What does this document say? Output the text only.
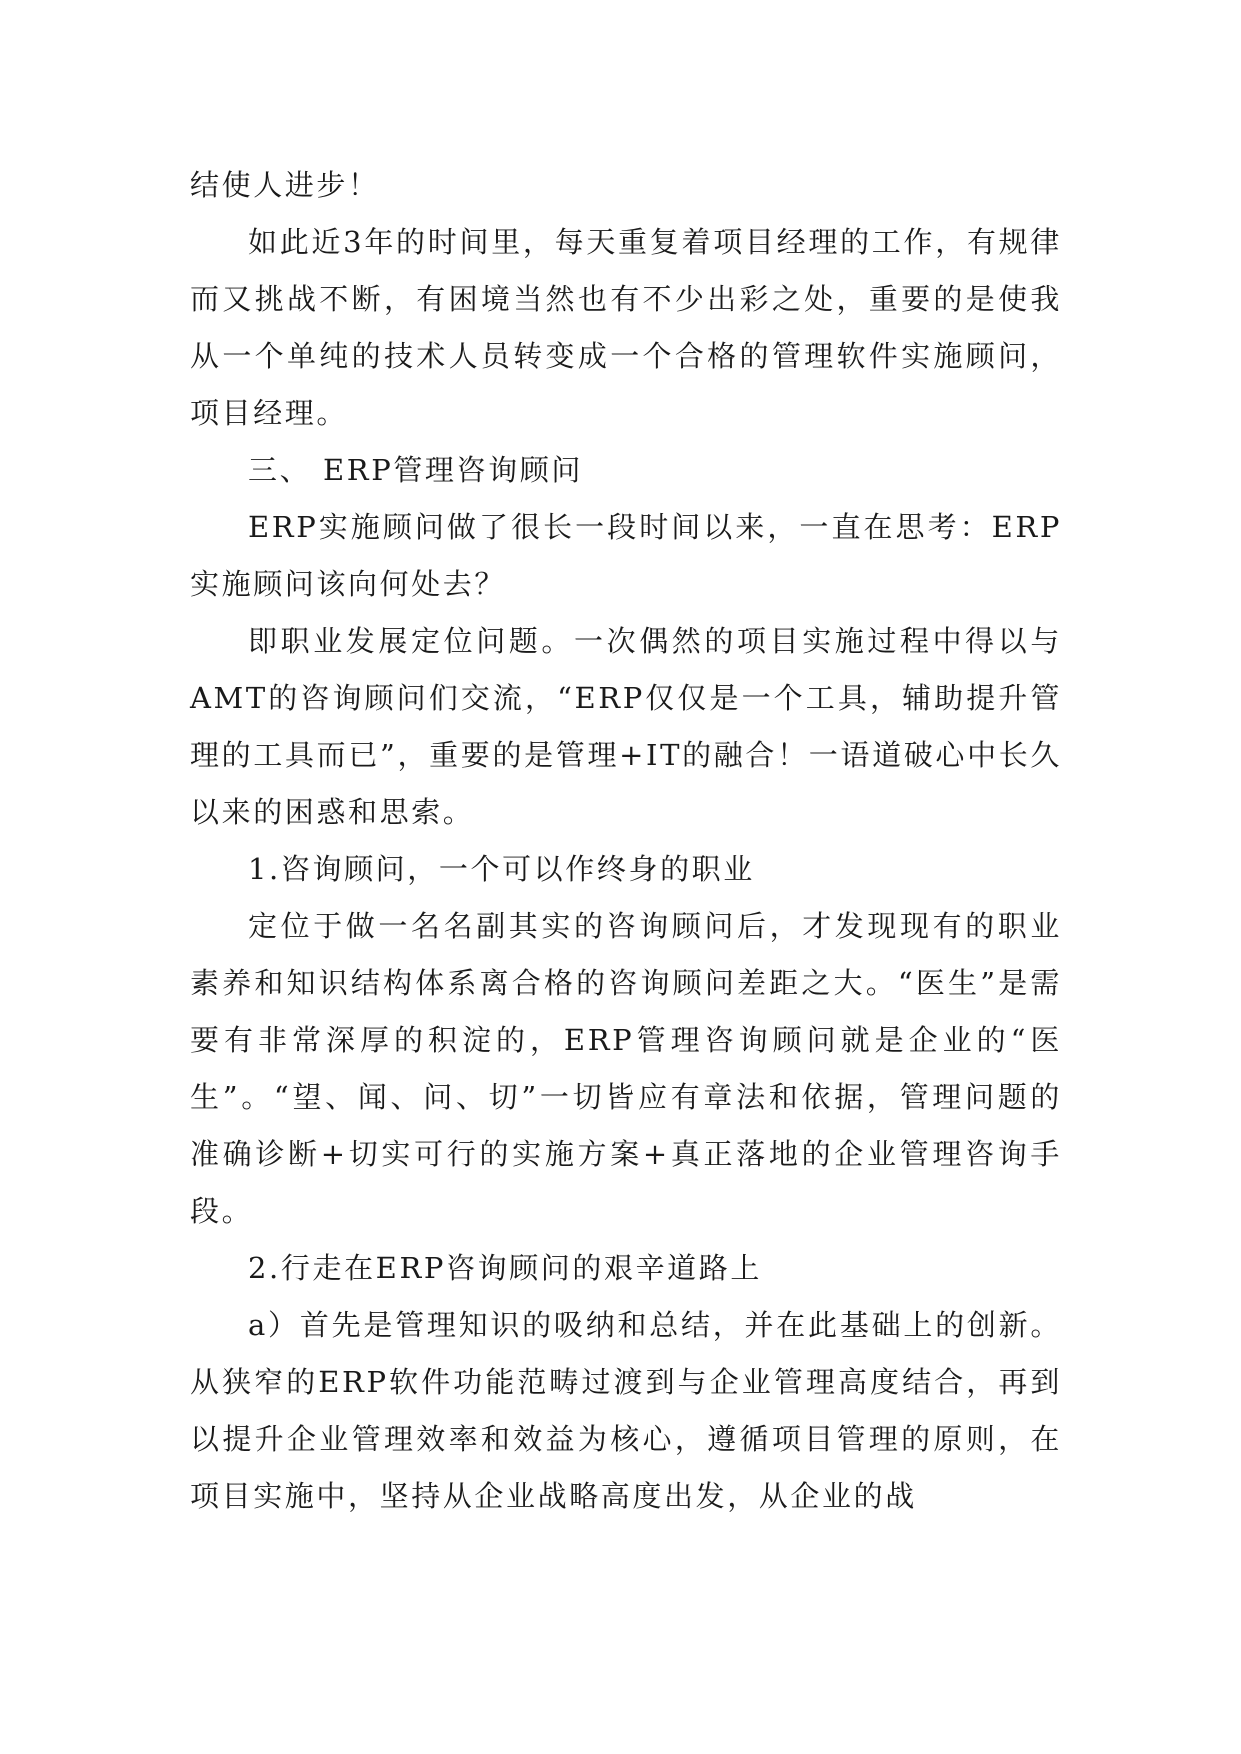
结使人进步！

如此近3年的时间里，每天重复着项目经理的工作，有规律而又挑战不断，有困境当然也有不少出彩之处，重要的是使我从一个单纯的技术人员转变成一个合格的管理软件实施顾问，项目经理。

三、 ERP管理咨询顾问

ERP实施顾问做了很长一段时间以来，一直在思考：ERP实施顾问该向何处去？

即职业发展定位问题。一次偶然的项目实施过程中得以与AMT的咨询顾问们交流，“ERP仅仅是一个工具，辅助提升管理的工具而已”，重要的是管理+IT的融合！一语道破心中长久以来的困惑和思索。

1.咨询顾问，一个可以作终身的职业

定位于做一名名副其实的咨询顾问后，才发现现有的职业素养和知识结构体系离合格的咨询顾问差距之大。“医生”是需要有非常深厚的积淀的，ERP管理咨询顾问就是企业的“医生”。“望、闻、问、切”一切皆应有章法和依据，管理问题的准确诊断+切实可行的实施方案+真正落地的企业管理咨询手段。

2.行走在ERP咨询顾问的艰辛道路上

a）首先是管理知识的吸纳和总结，并在此基础上的创新。从狭窄的ERP软件功能范畴过渡到与企业管理高度结合，再到以提升企业管理效率和效益为核心，遵循项目管理的原则，在项目实施中，坚持从企业战略高度出发，从企业的战
